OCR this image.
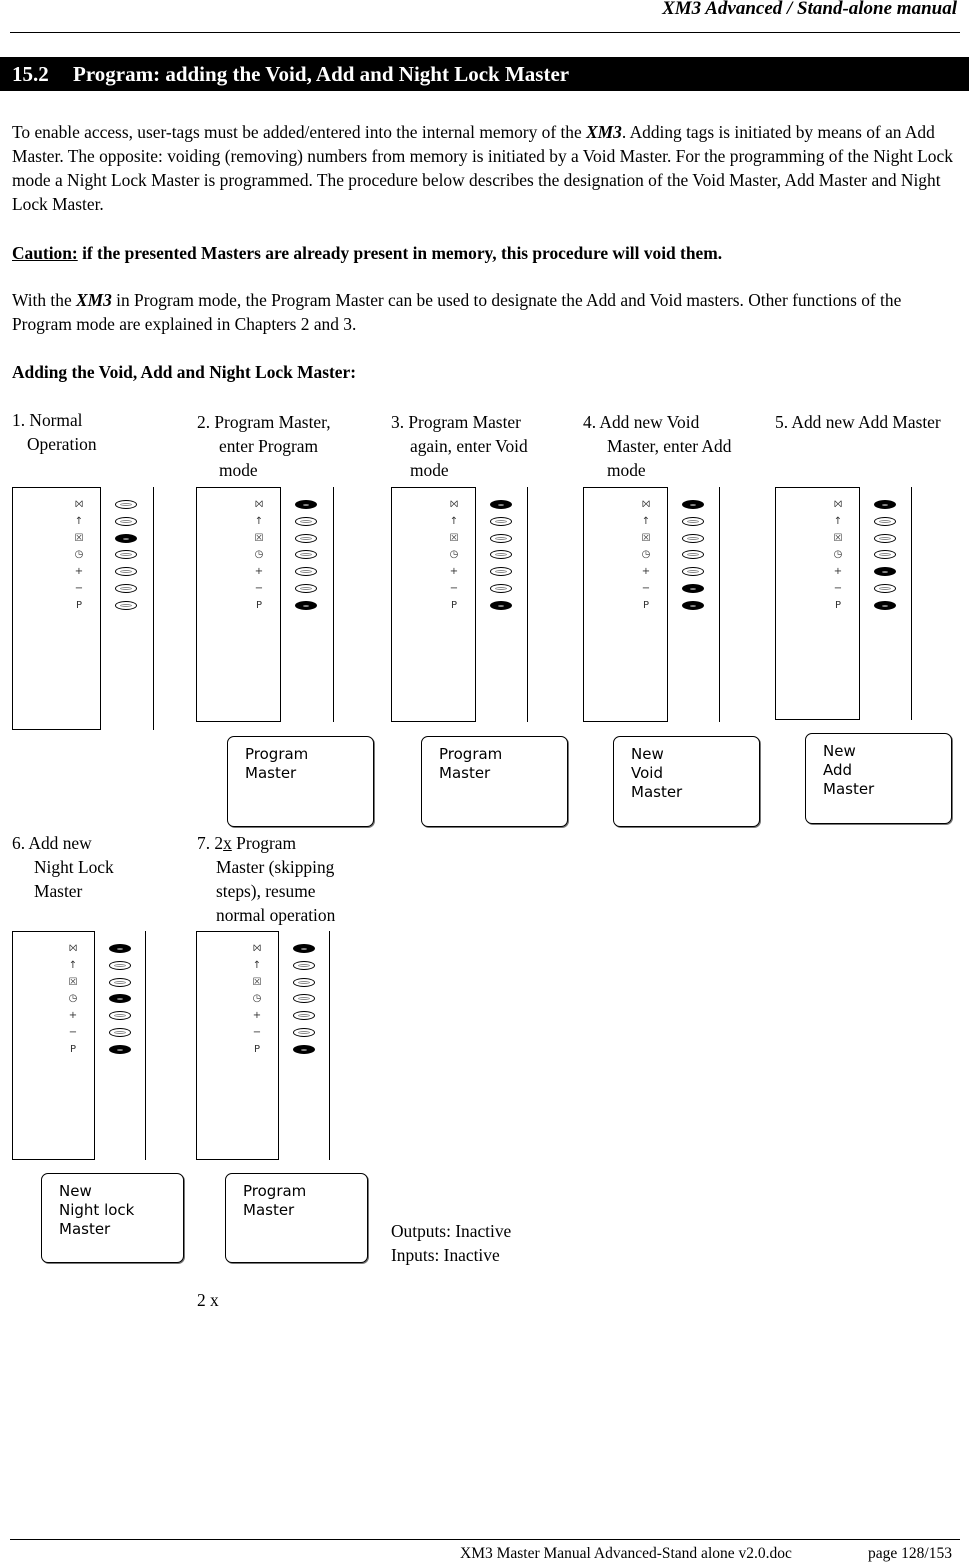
XM3 Advanced / Stand-alone manual
15.2 Program: adding the Void, Add and Night Lock Master
To enable access, user-tags must be added/entered into the internal memory of the XM3. Adding tags is initiated by means of an Add Master. The opposite: voiding (removing) numbers from memory is initiated by a Void Master. For the programming of the Night Lock mode a Night Lock Master is programmed. The procedure below describes the designation of the Void Master, Add Master and Night Lock Master.
Caution: if the presented Masters are already present in memory, this procedure will void them.
With the XM3 in Program mode, the Program Master can be used to designate the Add and Void masters. Other functions of the Program mode are explained in Chapters 2 and 3.
Adding the Void, Add and Night Lock Master:
1. Normal
Operation
2. Program Master,
enter Program
mode
3. Program Master
again, enter Void
mode
4. Add new Void
Master, enter Add
mode
5. Add new Add Master
6. Add new
Night Lock
Master
7. 2x Program
Master (skipping
steps), resume
normal operation
⨝
↑
☒
◷
+
−
P
⨝
↑
☒
◷
+
−
P
⨝
↑
☒
◷
+
−
P
⨝
↑
☒
◷
+
−
P
⨝
↑
☒
◷
+
−
P
⨝
↑
☒
◷
+
−
P
⨝
↑
☒
◷
+
−
P
Program
Master
Program
Master
New
Void
Master
New
Add
Master
New
Night lock
Master
Program
Master
Outputs: Inactive
Inputs: Inactive
2 x
XM3 Master Manual Advanced-Stand alone v2.0.doc	page 128/153
